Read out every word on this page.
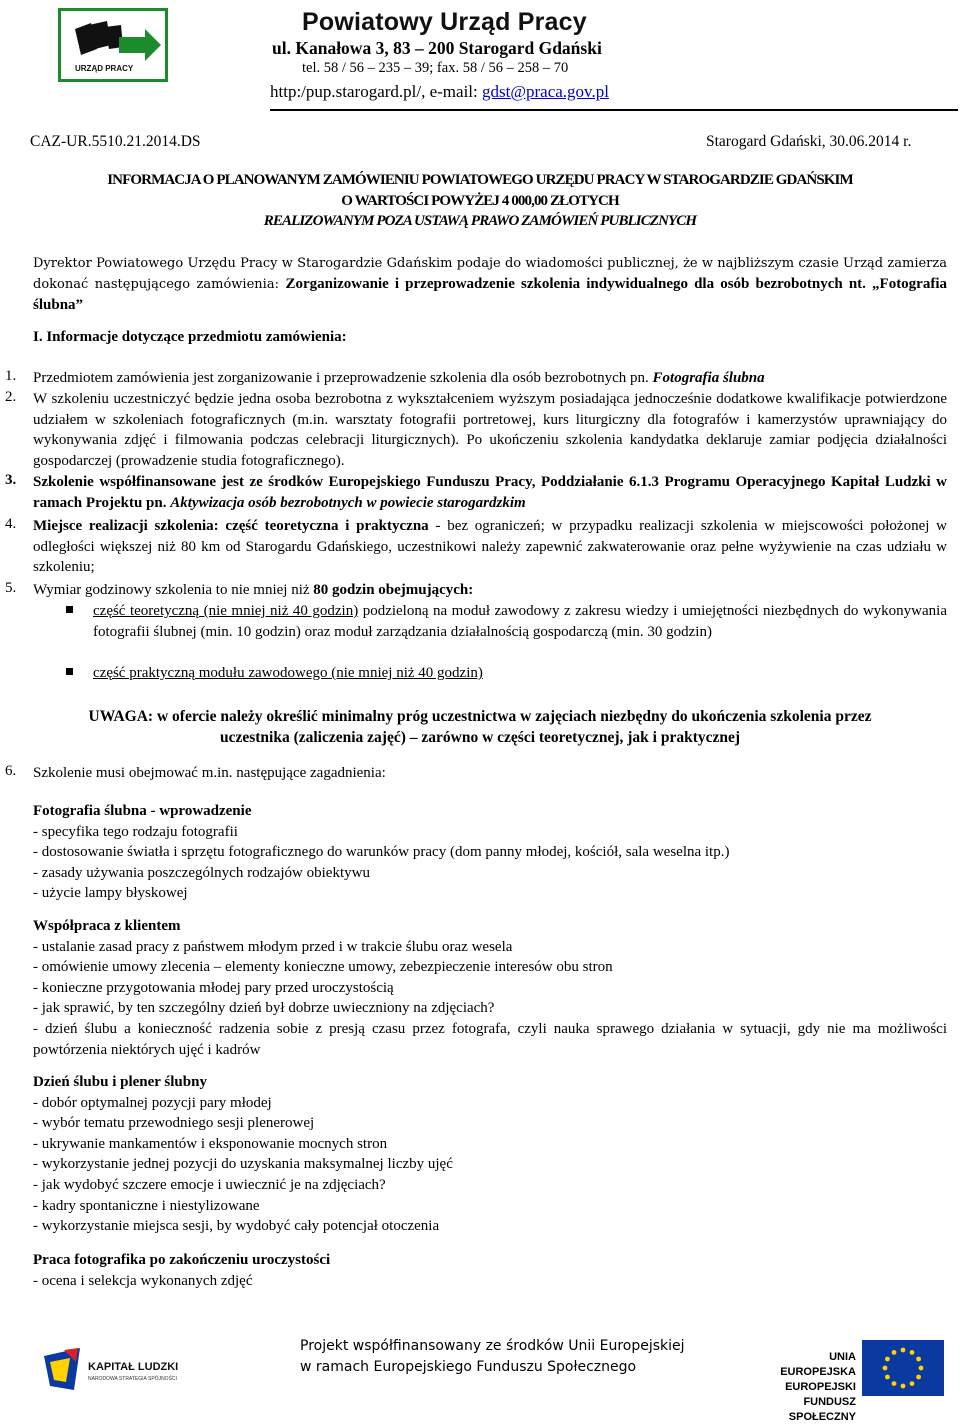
URZĄD PRACY
Powiatowy Urząd Pracy
ul. Kanałowa 3, 83 – 200 Starogard Gdański
tel. 58 / 56 – 235 – 39; fax. 58 / 56 – 258 – 70
http:/pup.starogard.pl/, e-mail: gdst@praca.gov.pl
CAZ-UR.5510.21.2014.DS	Starogard Gdański, 30.06.2014 r.
INFORMACJA O PLANOWANYM ZAMÓWIENIU POWIATOWEGO URZĘDU PRACY W STAROGARDZIE GDAŃSKIM
O WARTOŚCI POWYŻEJ 4 000,00 ZŁOTYCH
REALIZOWANYM POZA USTAWĄ PRAWO ZAMÓWIEŃ PUBLICZNYCH
Dyrektor Powiatowego Urzędu Pracy w Starogardzie Gdańskim podaje do wiadomości publicznej, że w najbliższym czasie Urząd zamierza dokonać następującego zamówienia: Zorganizowanie i przeprowadzenie szkolenia indywidualnego dla osób bezrobotnych nt. „Fotografia ślubna”
I. Informacje dotyczące przedmiotu zamówienia:
1. Przedmiotem zamówienia jest zorganizowanie i przeprowadzenie szkolenia dla osób bezrobotnych pn. Fotografia ślubna
2. W szkoleniu uczestniczyć będzie jedna osoba bezrobotna z wykształceniem wyższym posiadająca jednocześnie dodatkowe kwalifikacje potwierdzone udziałem w szkoleniach fotograficznych (m.in. warsztaty fotografii portretowej, kurs liturgiczny dla fotografów i kamerzystów uprawniający do wykonywania zdjęć i filmowania podczas celebracji liturgicznych). Po ukończeniu szkolenia kandydatka deklaruje zamiar podjęcia działalności gospodarczej (prowadzenie studia fotograficznego).
3. Szkolenie współfinansowane jest ze środków Europejskiego Funduszu Pracy, Poddziałanie 6.1.3 Programu Operacyjnego Kapitał Ludzki w ramach Projektu pn. Aktywizacja osób bezrobotnych w powiecie starogardzkim
4. Miejsce realizacji szkolenia: część teoretyczna i praktyczna - bez ograniczeń; w przypadku realizacji szkolenia w miejscowości położonej w odległości większej niż 80 km od Starogardu Gdańskiego, uczestnikowi należy zapewnić zakwaterowanie oraz pełne wyżywienie na czas udziału w szkoleniu;
5. Wymiar godzinowy szkolenia to nie mniej niż 80 godzin obejmujących:
część teoretyczną (nie mniej niż 40 godzin) podzieloną na moduł zawodowy z zakresu wiedzy i umiejętności niezbędnych do wykonywania fotografii ślubnej (min. 10 godzin) oraz moduł zarządzania działalnością gospodarczą (min. 30 godzin)
część praktyczną modułu zawodowego (nie mniej niż 40 godzin)
UWAGA: w ofercie należy określić minimalny próg uczestnictwa w zajęciach niezbędny do ukończenia szkolenia przez
uczestnika (zaliczenia zajęć) – zarówno w części teoretycznej, jak i praktycznej
6. Szkolenie musi obejmować m.in. następujące zagadnienia:
Fotografia ślubna - wprowadzenie
- specyfika tego rodzaju fotografii
- dostosowanie światła i sprzętu fotograficznego do warunków pracy (dom panny młodej, kościół, sala weselna itp.)
- zasady używania poszczególnych rodzajów obiektywu
- użycie lampy błyskowej
Współpraca z klientem
- ustalanie zasad pracy z państwem młodym przed i w trakcie ślubu oraz wesela
- omówienie umowy zlecenia – elementy konieczne umowy, zebezpieczenie interesów obu stron
- konieczne przygotowania młodej pary przed uroczystością
- jak sprawić, by ten szczególny dzień był dobrze uwieczniony na zdjęciach?
- dzień ślubu a konieczność radzenia sobie z presją czasu przez fotografa, czyli nauka sprawego działania w sytuacji, gdy nie ma możliwości powtórzenia niektórych ujęć i kadrów
Dzień ślubu i plener ślubny
- dobór optymalnej pozycji pary młodej
- wybór tematu przewodniego sesji plenerowej
- ukrywanie mankamentów i eksponowanie mocnych stron
- wykorzystanie jednej pozycji do uzyskania maksymalnej liczby ujęć
- jak wydobyć szczere emocje i uwiecznić je na zdjęciach?
- kadry spontaniczne i niestylizowane
- wykorzystanie miejsca sesji, by wydobyć cały potencjał otoczenia
Praca fotografika po zakończeniu uroczystości
- ocena i selekcja wykonanych zdjęć
KAPITAŁ LUDZKI
NARODOWA STRATEGIA SPÓJNOŚCI
Projekt współfinansowany ze środków Unii Europejskiej
w ramach Europejskiego Funduszu Społecznego
UNIA EUROPEJSKA
EUROPEJSKI
FUNDUSZ SPOŁECZNY
